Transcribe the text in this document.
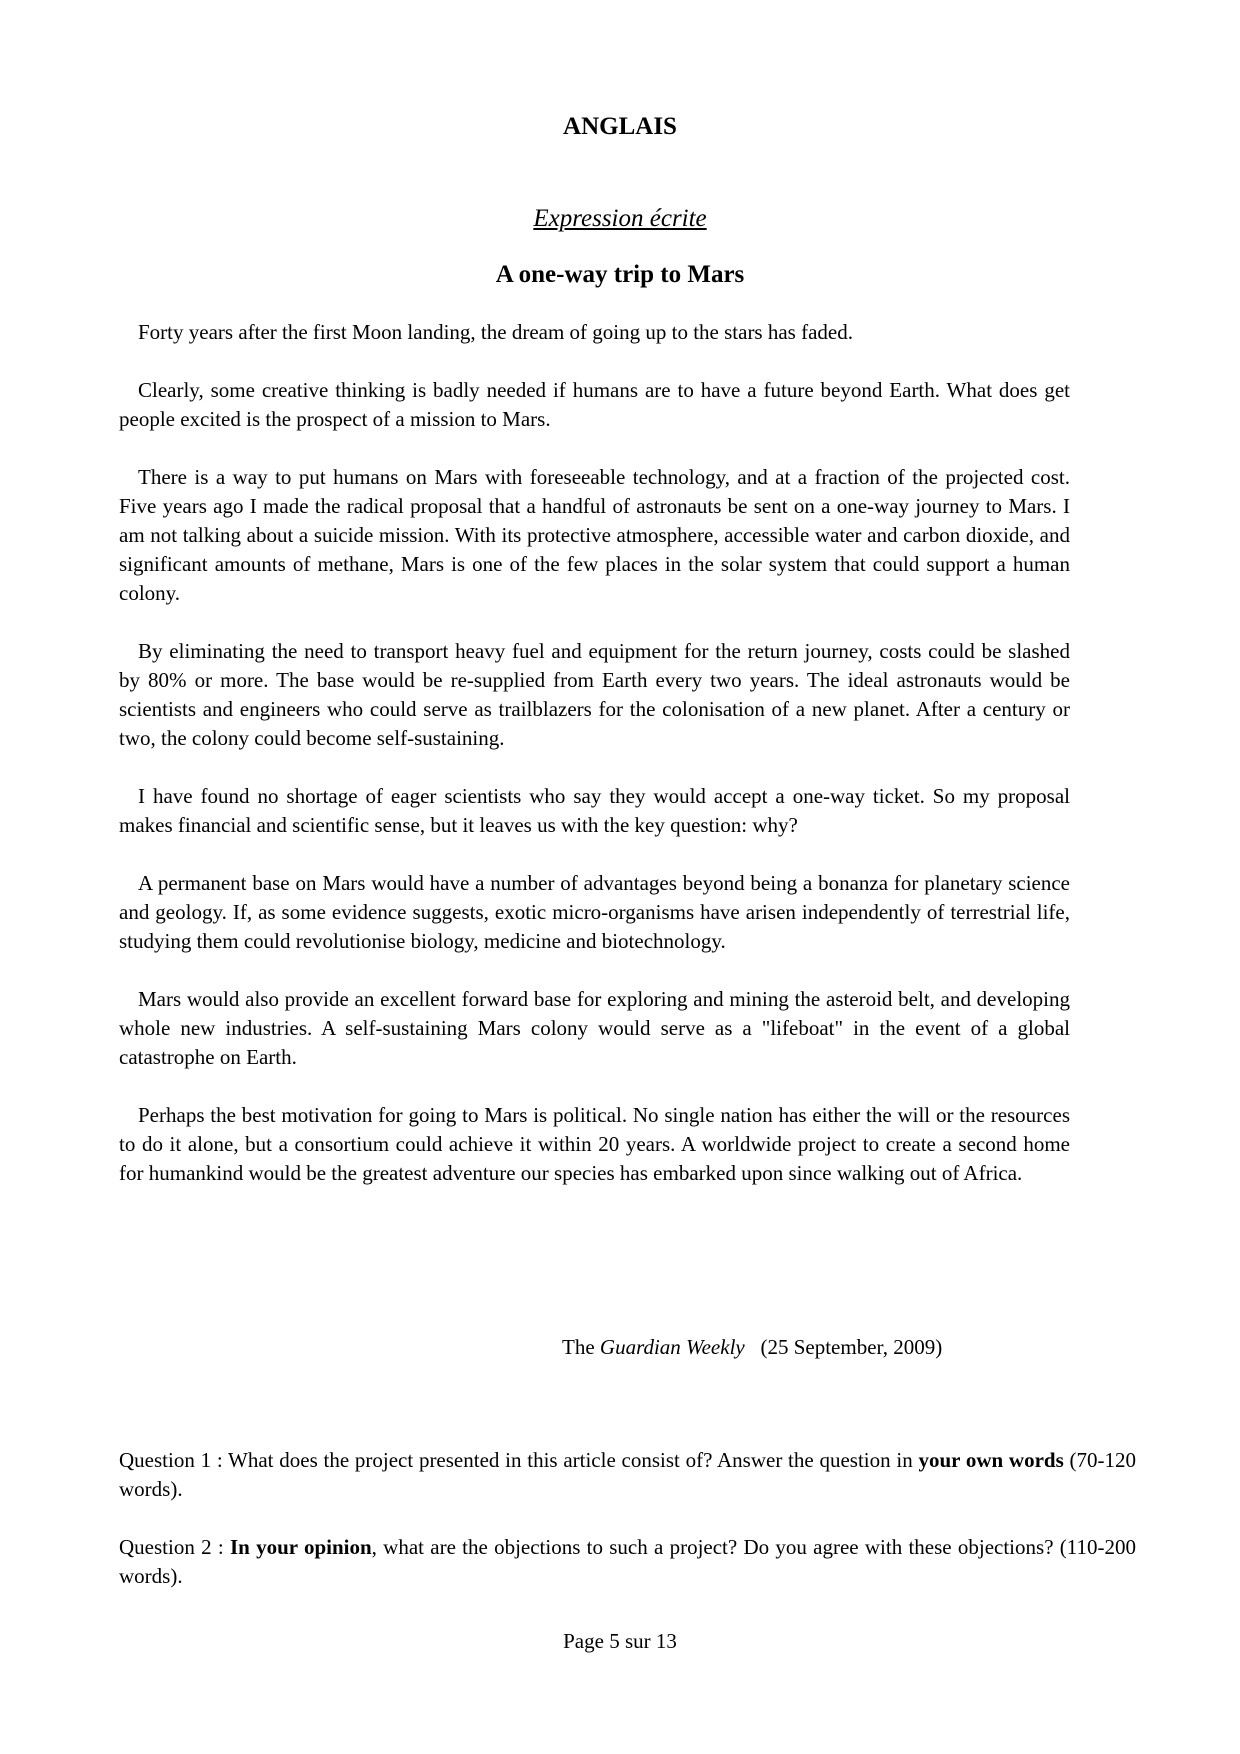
ANGLAIS
Expression écrite
A one-way trip to Mars

Forty years after the first Moon landing, the dream of going up to the stars has faded.

Clearly, some creative thinking is badly needed if humans are to have a future beyond Earth. What does get people excited is the prospect of a mission to Mars.

There is a way to put humans on Mars with foreseeable technology, and at a fraction of the projected cost. Five years ago I made the radical proposal that a handful of astronauts be sent on a one-way journey to Mars. I am not talking about a suicide mission. With its protective atmosphere, accessible water and carbon dioxide, and significant amounts of methane, Mars is one of the few places in the solar system that could support a human colony.

By eliminating the need to transport heavy fuel and equipment for the return journey, costs could be slashed by 80% or more. The base would be re-supplied from Earth every two years. The ideal astronauts would be scientists and engineers who could serve as trailblazers for the colonisation of a new planet. After a century or two, the colony could become self-sustaining.

I have found no shortage of eager scientists who say they would accept a one-way ticket. So my proposal makes financial and scientific sense, but it leaves us with the key question: why?

A permanent base on Mars would have a number of advantages beyond being a bonanza for planetary science and geology. If, as some evidence suggests, exotic micro-organisms have arisen independently of terrestrial life, studying them could revolutionise biology, medicine and biotechnology.

Mars would also provide an excellent forward base for exploring and mining the asteroid belt, and developing whole new industries. A self-sustaining Mars colony would serve as a "lifeboat" in the event of a global catastrophe on Earth.

Perhaps the best motivation for going to Mars is political. No single nation has either the will or the resources to do it alone, but a consortium could achieve it within 20 years. A worldwide project to create a second home for humankind would be the greatest adventure our species has embarked upon since walking out of Africa.

The Guardian Weekly   (25 September, 2009)

Question 1 : What does the project presented in this article consist of? Answer the question in your own words (70-120 words).

Question 2 : In your opinion, what are the objections to such a project? Do you agree with these objections? (110-200 words).

Page 5 sur 13
